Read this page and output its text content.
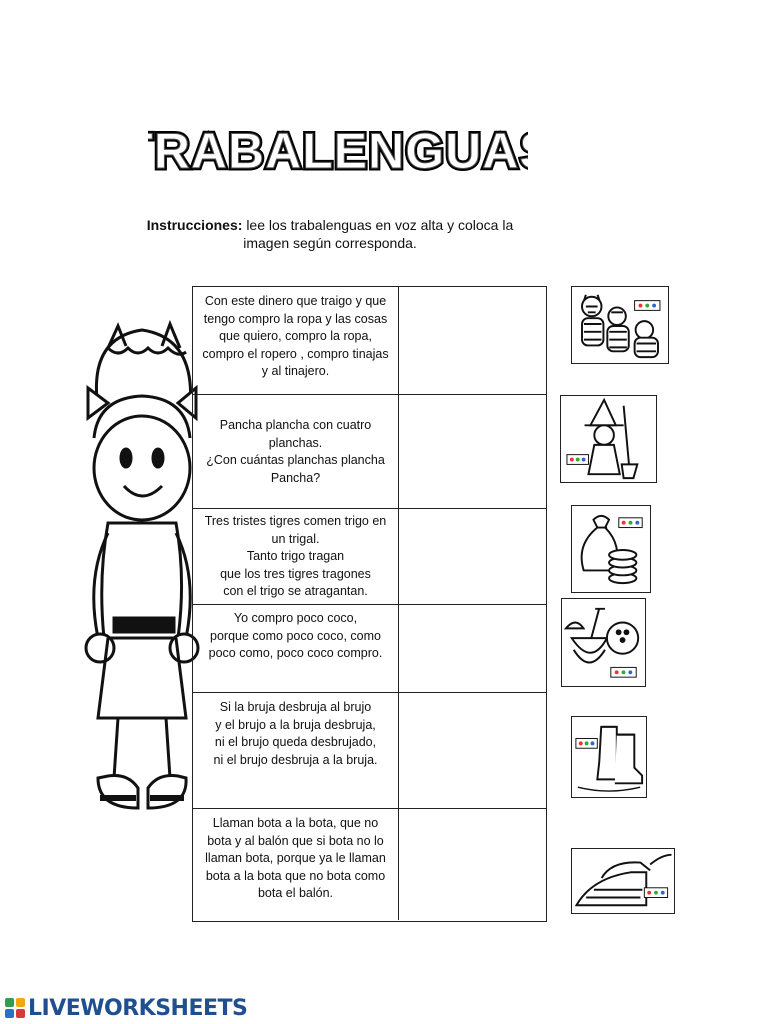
RABALENGUA
RABALENGUA
Instrucciones: lee los trabalenguas en voz alta y coloca la
imagen según corresponda.
Con este dinero que traigo y que
tengo compro la ropa y las cosas
que quiero, compro la ropa,
compro el ropero , compro tinajas
y al tinajero.
Pancha plancha con cuatro
planchas.
¿Con cuántas planchas plancha
Pancha?
Tres tristes tigres comen trigo en
un trigal.
Tanto trigo tragan
que los tres tigres tragones
con el trigo se atragantan.
Yo compro poco coco,
porque como poco coco, como
poco como, poco coco compro.
Si la bruja desbruja al brujo
y el brujo a la bruja desbruja,
ni el brujo queda desbrujado,
ni el brujo desbruja a la bruja.
Llaman bota a la bota, que no
bota y al balón que si bota no lo
llaman bota, porque ya le llaman
bota a la bota que no bota como
bota el balón.
LIVEWORKSHEETS
